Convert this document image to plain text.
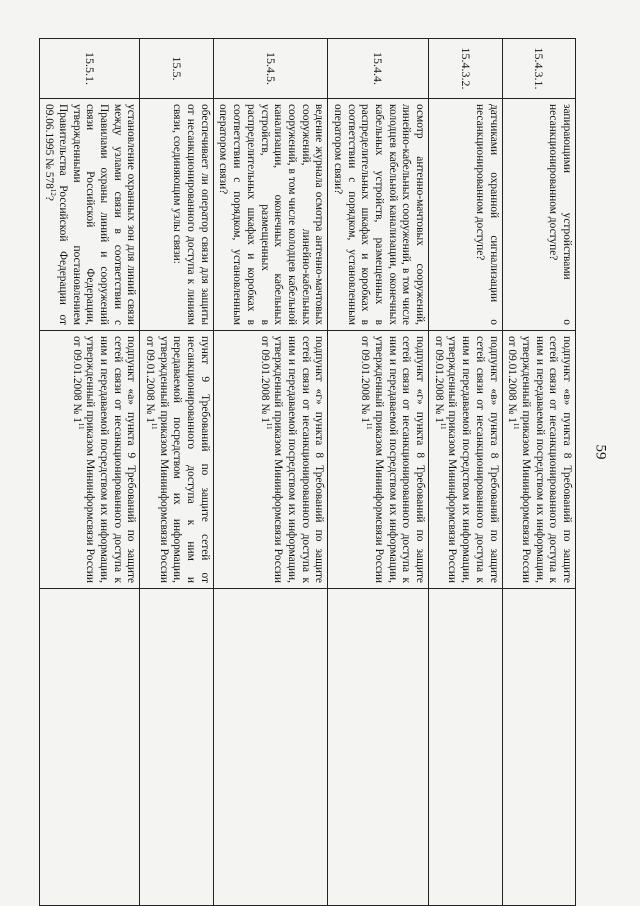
59
15.4.3.1.	запирающими устройствами о несанкционированном доступе?	подпункт «в» пункта 8 Требований по защите сетей связи от несанкционированного доступа к ним и передаваемой посредством их информации, утвержденный приказом Мининформсвязи России от 09.01.2008 № $1^{11}$	
15.4.3.2.	датчиками охранной сигнализации о несанкционированном доступе?	подпункт «в» пункта 8 Требований по защите сетей связи от несанкционированного доступа к ним и передаваемой посредством их информации, утвержденный приказом Мининформсвязи России от 09.01.2008 № $1^{11}$	
15.4.4.	осмотр антенно-мачтовых сооружений, линейно-кабельных сооружений, в том числе колодцев кабельной канализации, оконечных кабельных устройств, размещенных в распределительных шкафах и коробках в соответствии с порядком, установленным оператором связи?	подпункт «г» пункта 8 Требований по защите сетей связи от несанкционированного доступа к ним и передаваемой посредством их информации, утвержденный приказом Мининформсвязи России от 09.01.2008 № $1^{11}$	
15.4.5.	ведение журнала осмотра антенно-мачтовых сооружений, линейно-кабельных сооружений, в том числе колодцев кабельной канализации, оконечных кабельных устройств, размещенных в распределительных шкафах и коробках в соответствии с порядком, установленным оператором связи?	подпункт «г» пункта 8 Требований по защите сетей связи от несанкционированного доступа к ним и передаваемой посредством их информации, утвержденный приказом Мининформсвязи России от 09.01.2008 № $1^{11}$	
15.5.	обеспечивает ли оператор связи для защиты от несанкционированного доступа к линиям связи, соединяющим узлы связи:	пункт 9 Требований по защите сетей от несанкционированного доступа к ним и передаваемой посредством их информации, утвержденный приказом Мининформсвязи России от 09.01.2008 № $1^{11}$	
15.5.1.	установление охранных зон для линий связи между узлами связи в соответствии с Правилами охраны линий и сооружений связи Российской Федерации, утвержденными постановлением Правительства Российской Федерации от 09.06.1995 № $578^{12}$?	подпункт «а» пункта 9 Требований по защите сетей связи от несанкционированного доступа к ним и передаваемой посредством их информации, утвержденный приказом Мининформсвязи России от 09.01.2008 № $1^{11}$	
